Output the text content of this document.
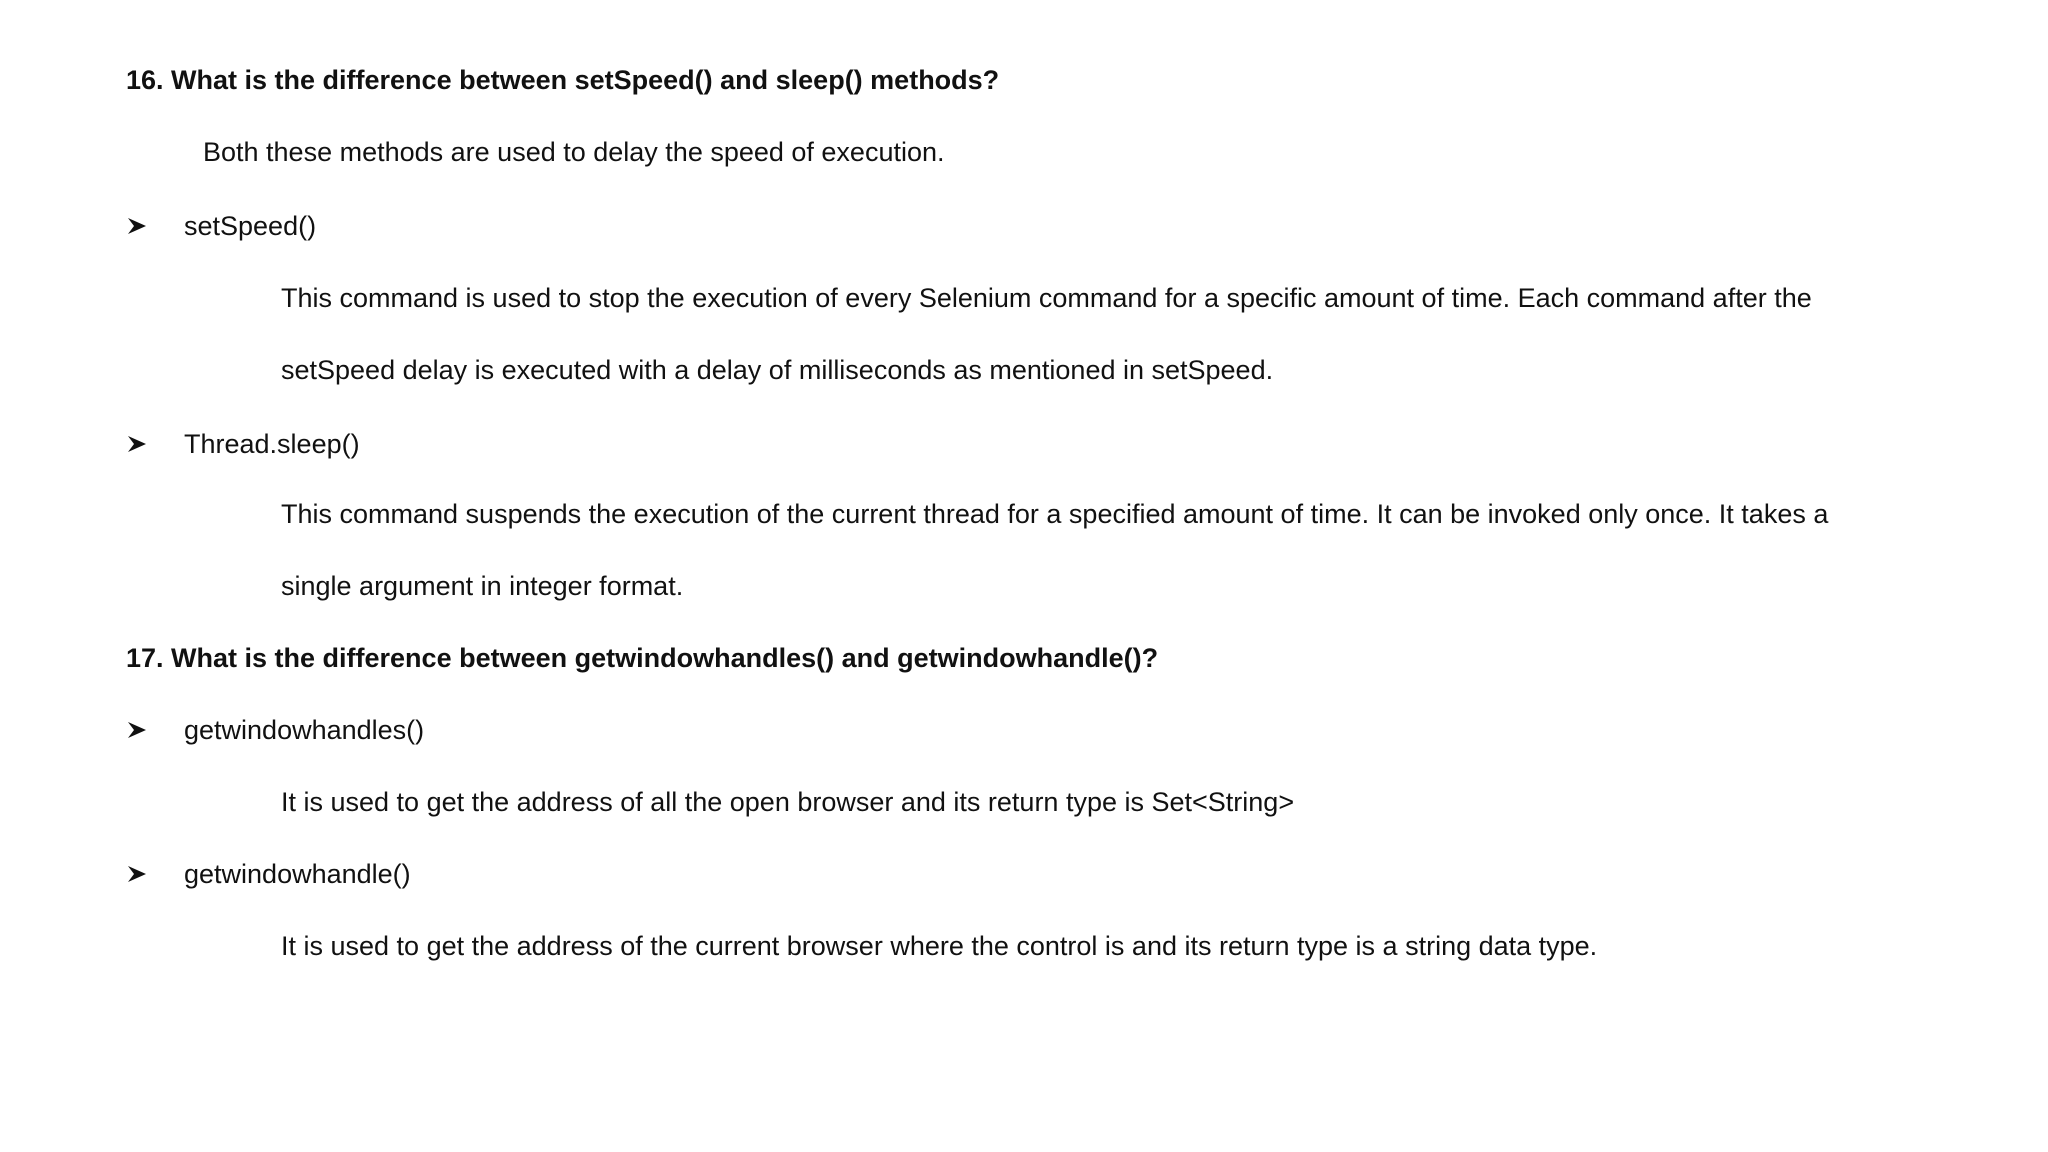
16. What is the difference between setSpeed() and sleep() methods?
Both these methods are used to delay the speed of execution.
setSpeed()
This command is used to stop the execution of every Selenium command for a specific amount of time. Each command after the
setSpeed delay is executed with a delay of milliseconds as mentioned in setSpeed.
Thread.sleep()
This command suspends the execution of the current thread for a specified amount of time. It can be invoked only once. It takes a
single argument in integer format.
17. What is the difference between getwindowhandles() and getwindowhandle()?
getwindowhandles()
It is used to get the address of all the open browser and its return type is Set<String>
getwindowhandle()
It is used to get the address of the current browser where the control is and its return type is a string data type.
